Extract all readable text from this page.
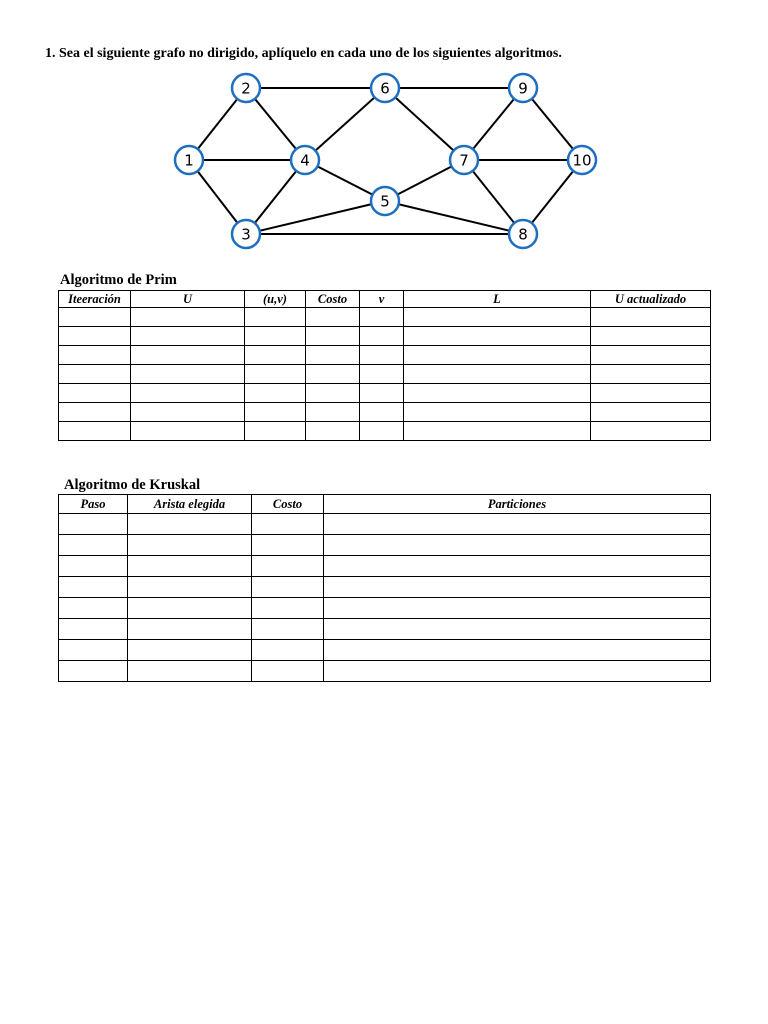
1. Sea el siguiente grafo no dirigido, aplíquelo en cada uno de los siguientes algoritmos.
1
2
3
4
5
6
7
8
9
10
Algoritmo de Prim
Iteeración	U	(u,v)	Costo	v	L	U actualizado

Algoritmo de Kruskal
Paso	Arista elegida	Costo	Particiones
